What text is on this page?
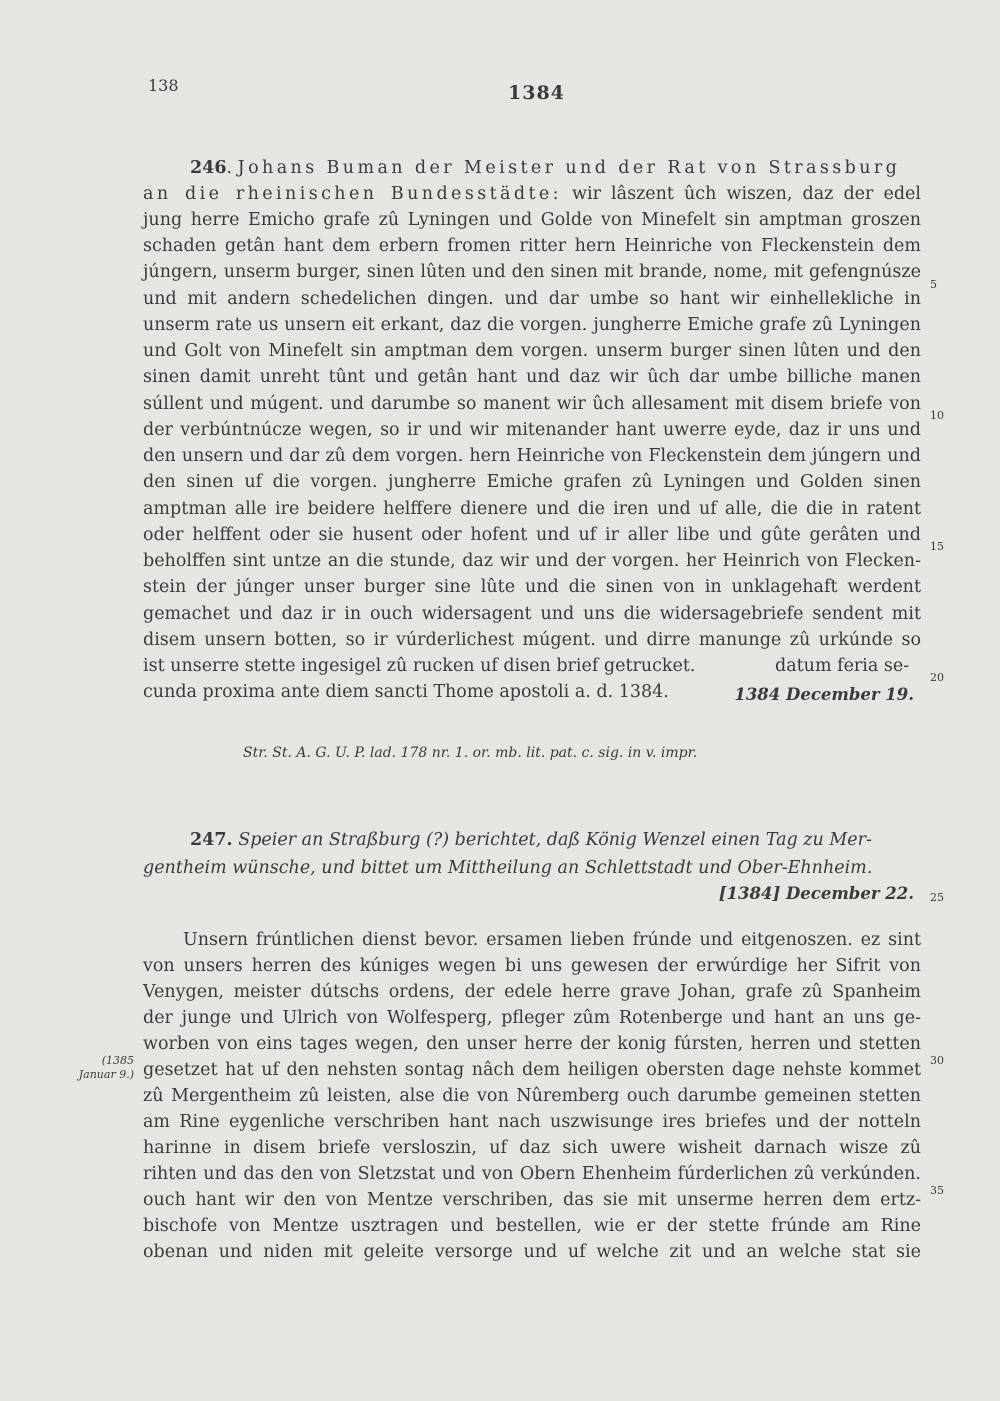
138	1384
246. Johans Buman der Meister und der Rat von Strassburg
an die rheinischen Bundesstädte: wir lâszent ûch wiszen, daz der edel
jung herre Emicho grafe zû Lyningen und Golde von Minefelt sin amptman groszen
schaden getân hant dem erbern fromen ritter hern Heinriche von Fleckenstein dem
júngern, unserm burger, sinen lûten und den sinen mit brande, nome, mit gefengnúsze
und mit andern schedelichen dingen. und dar umbe so hant wir einhellekliche in
unserm rate us unsern eit erkant, daz die vorgen. jungherre Emiche grafe zû Lyningen
und Golt von Minefelt sin amptman dem vorgen. unserm burger sinen lûten und den
sinen damit unreht tûnt und getân hant und daz wir ûch dar umbe billiche manen
súllent und múgent. und darumbe so manent wir ûch allesament mit disem briefe von
der verbúntnúcze wegen, so ir und wir mitenander hant uwerre eyde, daz ir uns und
den unsern und dar zû dem vorgen. hern Heinriche von Fleckenstein dem júngern und
den sinen uf die vorgen. jungherre Emiche grafen zû Lyningen und Golden sinen
amptman alle ire beidere helffere dienere und die iren und uf alle, die die in ratent
oder helffent oder sie husent oder hofent und uf ir aller libe und gûte gerâten und
beholffen sint untze an die stunde, daz wir und der vorgen. her Heinrich von Flecken-
stein der júnger unser burger sine lûte und die sinen von in unklagehaft werdent
gemachet und daz ir in ouch widersagent und uns die widersagebriefe sendent mit
disem unsern botten, so ir vúrderlichest múgent. und dirre manunge zû urkúnde so
ist unserre stette ingesigel zû rucken uf disen brief getrucket.	datum feria se-
cunda proxima ante diem sancti Thome apostoli a. d. 1384.	1384 December 19.
Str. St. A. G. U. P. lad. 178 nr. 1. or. mb. lit. pat. c. sig. in v. impr.
247. Speier an Straßburg (?) berichtet, daß König Wenzel einen Tag zu Mer-
gentheim wünsche, und bittet um Mittheilung an Schlettstadt und Ober-Ehnheim.
[1384] December 22.
Unsern frúntlichen dienst bevor. ersamen lieben frúnde und eitgenoszen. ez sint
von unsers herren des kúniges wegen bi uns gewesen der erwúrdige her Sifrit von
Venygen, meister dútschs ordens, der edele herre grave Johan, grafe zû Spanheim
der junge und Ulrich von Wolfesperg, pfleger zûm Rotenberge und hant an uns ge-
worben von eins tages wegen, den unser herre der konig fúrsten, herren und stetten
gesetzet hat uf den nehsten sontag nâch dem heiligen obersten dage nehste kommet
zû Mergentheim zû leisten, alse die von Nûremberg ouch darumbe gemeinen stetten
am Rine eygenliche verschriben hant nach uszwisunge ires briefes und der notteln
harinne in disem briefe versloszin, uf daz sich uwere wisheit darnach wisze zû
rihten und das den von Sletzstat und von Obern Ehenheim fúrderlichen zû verkúnden.
ouch hant wir den von Mentze verschriben, das sie mit unserme herren dem ertz-
bischofe von Mentze usztragen und bestellen, wie er der stette frúnde am Rine
obenan und niden mit geleite versorge und uf welche zit und an welche stat sie
(1385 Januar 9.)
5
10
15
20
25
30
35
